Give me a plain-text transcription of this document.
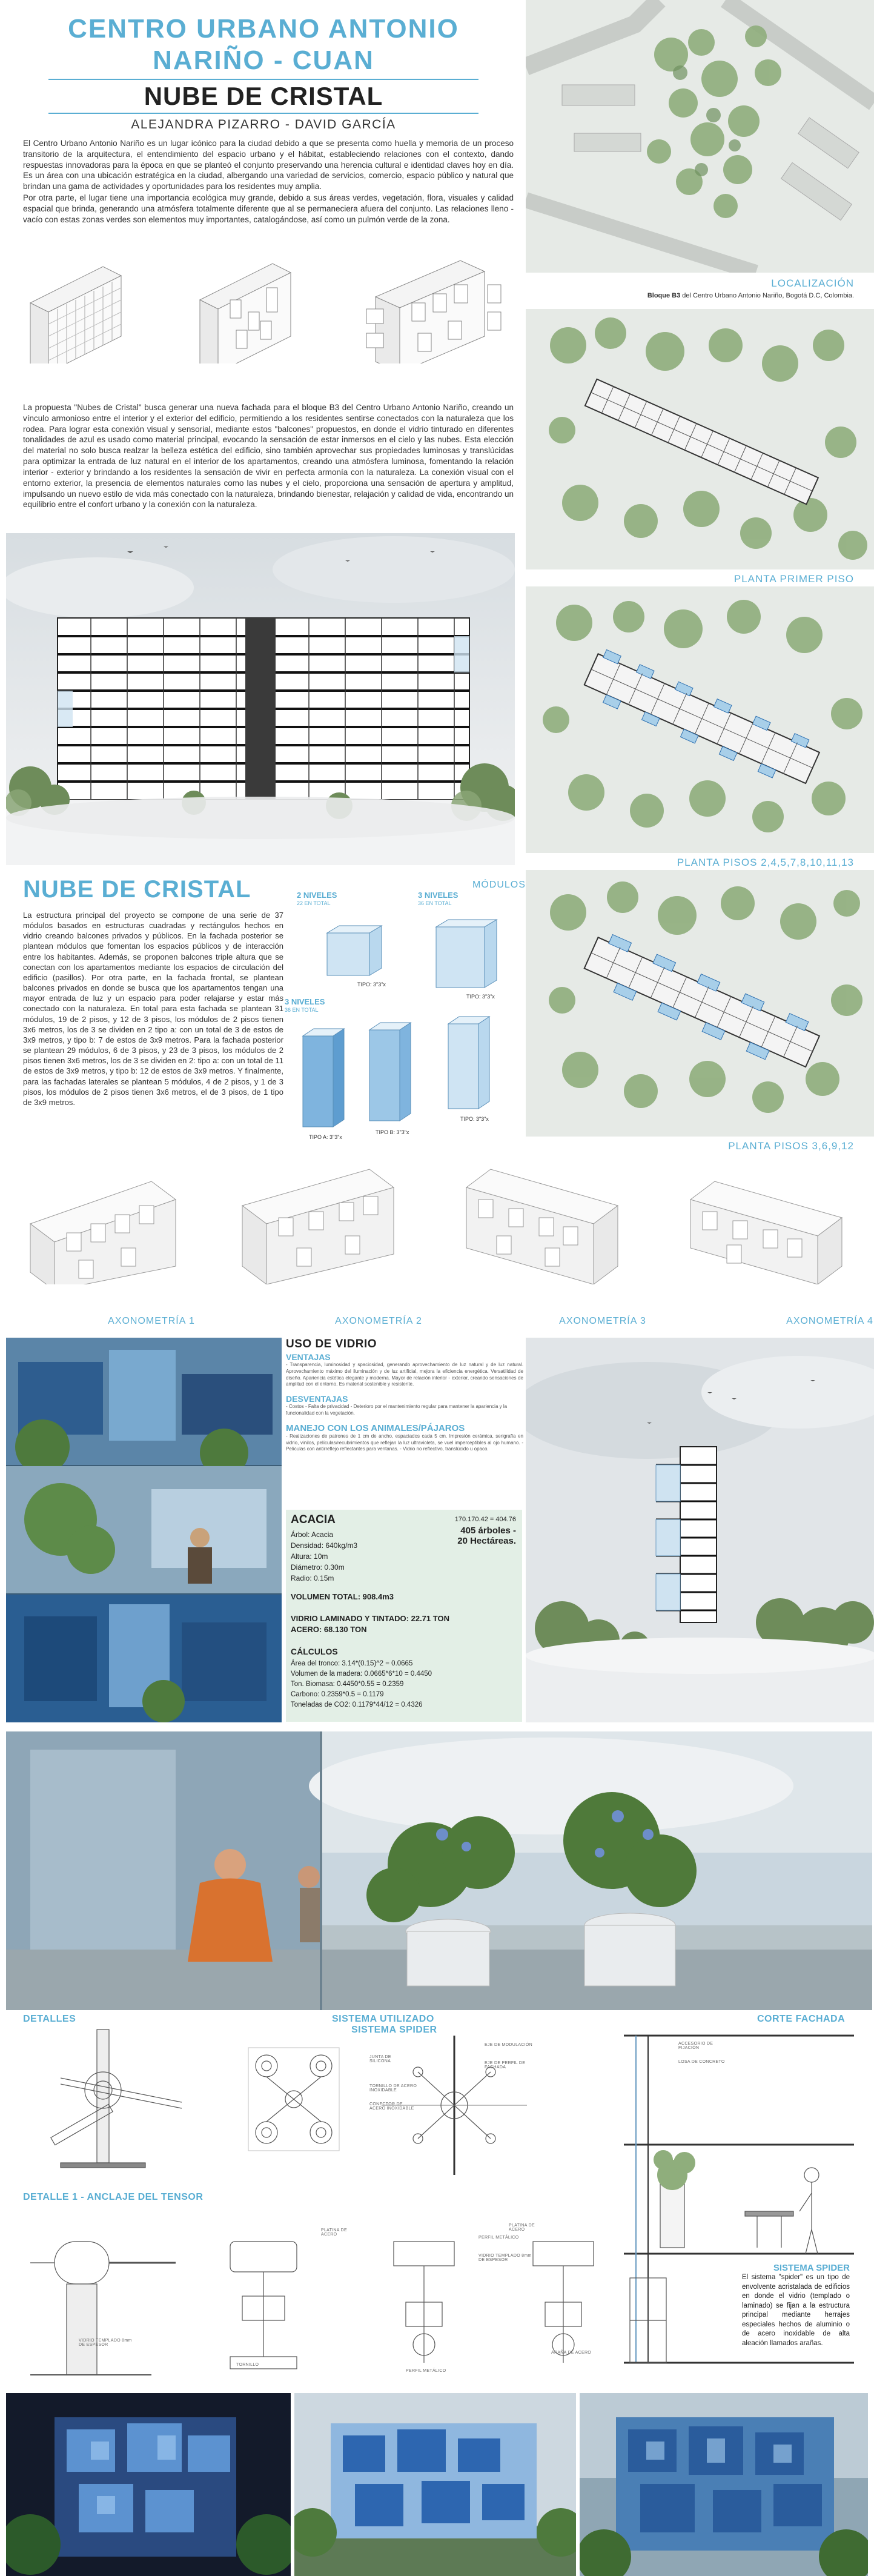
CENTRO URBANO ANTONIO
NARIÑO - CUAN
NUBE DE CRISTAL
ALEJANDRA PIZARRO - DAVID GARCÍA
El Centro Urbano Antonio Nariño es un lugar icónico para la ciudad debido a que se presenta como huella y memoria de un proceso transitorio de la arquitectura, el entendimiento del espacio urbano y el hábitat, estableciendo relaciones con el contexto, dando respuestas innovadoras para la época en que se planteó el conjunto preservando una herencia cultural e identidad claves hoy en día. Es un área con una ubicación estratégica en la ciudad, albergando una variedad de servicios, comercio, espacio público y natural que brindan una gama de actividades y oportunidades para los residentes muy amplia.
Por otra parte, el lugar tiene una importancia ecológica muy grande, debido a sus áreas verdes, vegetación, flora, visuales y calidad espacial que brinda, generando una atmósfera totalmente diferente que al se permaneciera afuera del conjunto. Las relaciones lleno - vacío con estas zonas verdes son elementos muy importantes, catalogándose, así como un pulmón verde de la zona.
La propuesta "Nubes de Cristal" busca generar una nueva fachada para el bloque B3 del Centro Urbano Antonio Nariño, creando un vínculo armonioso entre el interior y el exterior del edificio, permitiendo a los residentes sentirse conectados con la naturaleza que los rodea. Para lograr esta conexión visual y sensorial, mediante estos "balcones" propuestos, en donde el vidrio tinturado en diferentes tonalidades de azul es usado como material principal, evocando la sensación de estar inmersos en el cielo y las nubes. Esta elección del material no solo busca realzar la belleza estética del edificio, sino también aprovechar sus propiedades luminosas y translúcidas para optimizar la entrada de luz natural en el interior de los apartamentos, creando una atmósfera luminosa, fomentando la relación interior - exterior y brindando a los residentes la sensación de vivir en perfecta armonía con la naturaleza. La conexión visual con el entorno exterior, la presencia de elementos naturales como las nubes y el cielo, proporciona una sensación de apertura y amplitud, impulsando un nuevo estilo de vida más conectado con la naturaleza, brindando bienestar, relajación y calidad de vida, encontrando un equilibrio entre el confort urbano y la conexión con la naturaleza.
LOCALIZACIÓN
Bloque B3 del Centro Urbano Antonio Nariño, Bogotá D.C, Colombia.
PLANTA PRIMER PISO
PLANTA PISOS 2,4,5,7,8,10,11,13
PLANTA PISOS 3,6,9,12
NUBE DE CRISTAL	MÓDULOS
La estructura principal del proyecto se compone de una serie de 37 módulos basados en estructuras cuadradas y rectángulos hechos en vidrio creando balcones privados y públicos. En la fachada posterior se plantean módulos que fomentan los espacios públicos y de interacción entre los habitantes. Además, se proponen balcones triple altura que se conectan con los apartamentos mediante los espacios de circulación del edificio (pasillos). Por otra parte, en la fachada frontal, se plantean balcones privados en donde se busca que los apartamentos tengan una mayor entrada de luz y un espacio para poder relajarse y estar más conectado con la naturaleza. En total para esta fachada se plantean 31 módulos, 19 de 2 pisos, y 12 de 3 pisos, los módulos de 2 pisos tienen 3x6 metros, los de 3 se dividen en 2 tipo a: con un total de 3 de estos de 3x9 metros, y tipo b: 7 de estos de 3x9 metros. Para la fachada posterior se plantean 29 módulos, 6 de 3 pisos, y 23 de 3 pisos, los módulos de 2 pisos tienen 3x6 metros, los de 3 se dividen en 2: tipo a: con un total de 11 de estos de 3x9 metros, y tipo b: 12 de estos de 3x9 metros. Y finalmente, para las fachadas laterales se plantean 5 módulos, 4 de 2 pisos, y 1 de 3 pisos, los módulos de 2 pisos tienen 3x6 metros, el de 3 pisos, de 1 tipo de 3x9 metros.
2 NIVELES
22 EN TOTAL
3 NIVELES
36 EN TOTAL
3 NIVELES
36 EN TOTAL
TIPO: 3"3"x
TIPO: 3"3"x
TIPO A: 3"3"x
TIPO B: 3"3"x
TIPO: 3"3"x
AXONOMETRÍA 1	AXONOMETRÍA 2	AXONOMETRÍA 3	AXONOMETRÍA 4
USO DE VIDRIO
VENTAJAS
- Transparencia, luminosidad y spaciosidad, generando aprovechamiento de luz natural y de luz natural. Aprovechamiento máximo del iluminación y de luz artificial, mejora la eficiencia energética. Versatilidad de diseño. Apariencia estética elegante y moderna. Mayor de relación interior - exterior, creando sensaciones de amplitud con el entorno. Es material sostenible y resistente.
DESVENTAJAS
- Costos - Falta de privacidad - Deterioro por el mantenimiento regular para mantener la apariencia y la funcionalidad con la vegetación.
MANEJO CON LOS ANIMALES/PÁJAROS
- Realizaciones de patrones de 1 cm de ancho, espaciados cada 5 cm. Impresión cerámica, serigrafía en vidrio, vinilos, películas/recubrimientos que reflejan la luz ultravioleta, se vuel imperceptibles al ojo humano. - Películas con antirreflejo reflectantes para ventanas. - Vidrio no reflectivo, translúcido u opaco.
ACACIA
Árbol: Acacia
Densidad: 640kg/m3
Altura: 10m
Diámetro: 0.30m
Radio: 0.15m
170.170.42 = 404.76
405 árboles -
20 Hectáreas.
VOLUMEN TOTAL: 908.4m3
VIDRIO LAMINADO Y TINTADO: 22.71 TON
ACERO: 68.130 TON
CÁLCULOS
Área del tronco: 3.14*(0.15)^2 = 0.0665
Volumen de la madera: 0.0665*6*10 = 0.4450
Ton. Biomasa: 0.4450*0.55 = 0.2359
Carbono: 0.2359*0.5 = 0.1179
Toneladas de CO2: 0.1179*44/12 = 0.4326
DETALLES	SISTEMA UTILIZADO
SISTEMA SPIDER
CORTE FACHADA
DETALLE 1 - ANCLAJE DEL TENSOR
PLATINA DE ACERO
PERFIL METÁLICO
VIDRIO TEMPLADO 8mm DE ESPESOR
PLATINA DE ACERO
VIDRIO TEMPLADO 8mm DE ESPESOR
PERFIL METÁLICO
TORNILLO
ARAÑA DE ACERO
JUNTA DE SILICONA
EJE DE MODULACIÓN
EJE DE PERFIL DE FACHADA
TORNILLO DE ACERO INOXIDABLE
CONECTOR DE ACERO INOXIDABLE
ACCESORIO DE FIJACIÓN
LOSA DE CONCRETO
SISTEMA SPIDER
El sistema "spider" es un tipo de envolvente acristalada de edificios en donde el vidrio (templado o laminado) se fijan a la estructura principal mediante herrajes especiales hechos de aluminio o de acero inoxidable de alta aleación llamados arañas.
